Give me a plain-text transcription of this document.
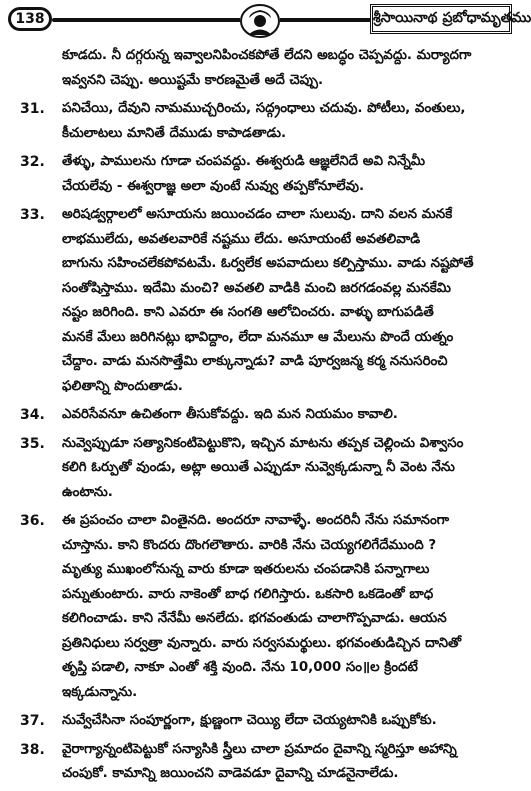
138	శ్రీసాయినాథ ప్రబోధామృతము
కూడదు. నీ దగ్గరున్న ఇవ్వాలనిపించకపోతే లేదని అబద్ధం చెప్పవద్దు. మర్యాదగా
ఇవ్వనని చెప్పు. అయిష్టమే కారణమైతే అదే చెప్పు.
31.	పనిచేయి, దేవుని నామముచ్చరించు, సద్గ్రంధాలు చదువు. పోటీలు, వంతులు,
కీచులాటలు మానితే దేముడు కాపాడతాడు.
32.	తేళ్ళు, పాములను గూడా చంపవద్దు. ఈశ్వరుడి ఆజ్ఞలేనిదే అవి నిన్నేమీ
చేయలేవు - ఈశ్వరాజ్ఞ అలా వుంటే నువ్వు తప్పకోనూలేవు.
33.	అరిషడ్వర్గాలలో అసూయను జయించడం చాలా సులువు. దాని వలన మనకే
లాభములేదు, అవతలవారికే నష్టము లేదు. అసూయంటే అవతలివాడి
బాగును సహించలేకపోవటమే. ఓర్వలేక అపవాదులు కల్పిస్తాము. వాడు నష్టపోతే
సంతోషిస్తాము. ఇదేమి మంచి? అవతలి వాడికి మంచి జరగడంవల్ల మనకేమి
నష్టం జరిగింది. కాని ఎవరూ ఈ సంగతి ఆలోచించరు. వాళ్ళు బాగుపడితే
మనకే మేలు జరిగినట్లు భావిద్దాం, లేదా మనమూ ఆ మేలును పొందే యత్నం
చేద్దాం. వాడు మనసొత్తేమి లాక్కున్నాడు? వాడి పూర్వజన్మ కర్మ ననుసరించి
ఫలితాన్ని పొందుతాడు.
34.	ఎవరిసేవనూ ఉచితంగా తీసుకోవద్దు. ఇది మన నియమం కావాలి.
35.	నువ్వెప్పుడూ సత్యానికంటిపెట్టుకొని, ఇచ్చిన మాటను తప్పక చెల్లించు విశ్వాసం
కలిగి ఓర్పుతో వుండు, అట్లా అయితే ఎప్పుడూ నువ్వెక్కడున్నా నీ వెంట నేను
ఉంటాను.
36.	ఈ ప్రపంచం చాలా వింతైనది. అందరూ నావాళ్ళే. అందరినీ నేను సమానంగా
చూస్తాను. కాని కొందరు దొంగలౌతారు. వారికి నేను చెయ్యగలిగేదేముంది ?
మృత్యు ముఖంలోనున్న వారు కూడా ఇతరులను చంపడానికి పన్నాగాలు
పన్నుతుంటారు. వారు నాకెంతో బాధ గలిగిస్తారు. ఒకసారి ఒకడెంతో బాధ
కలిగించాడు. కాని నేనేమీ అనలేదు. భగవంతుడు చాలాగొప్పవాడు. ఆయన
ప్రతినిధులు సర్వత్రా వున్నారు. వారు సర్వసమర్థులు. భగవంతుడిచ్చిన దానితో
తృప్తి పడాలి, నాకూ ఎంతో శక్తి వుంది. నేను 10,000 సం॥ల క్రిందటే
ఇక్కడున్నాను.
37.	నువ్వేచేసినా సంపూర్ణంగా, క్షుణ్ణంగా చెయ్యి లేదా చెయ్యటానికి ఒప్పుకోకు.
38.	వైరాగ్యాన్నంటిపెట్టుకో సన్యాసికి స్త్రీలు చాలా ప్రమాదం దైవాన్ని స్మరిస్తూ అహాన్ని
చంపుకో. కామాన్ని జయించని వాడెవడూ దైవాన్ని చూడనైనాలేడు.
